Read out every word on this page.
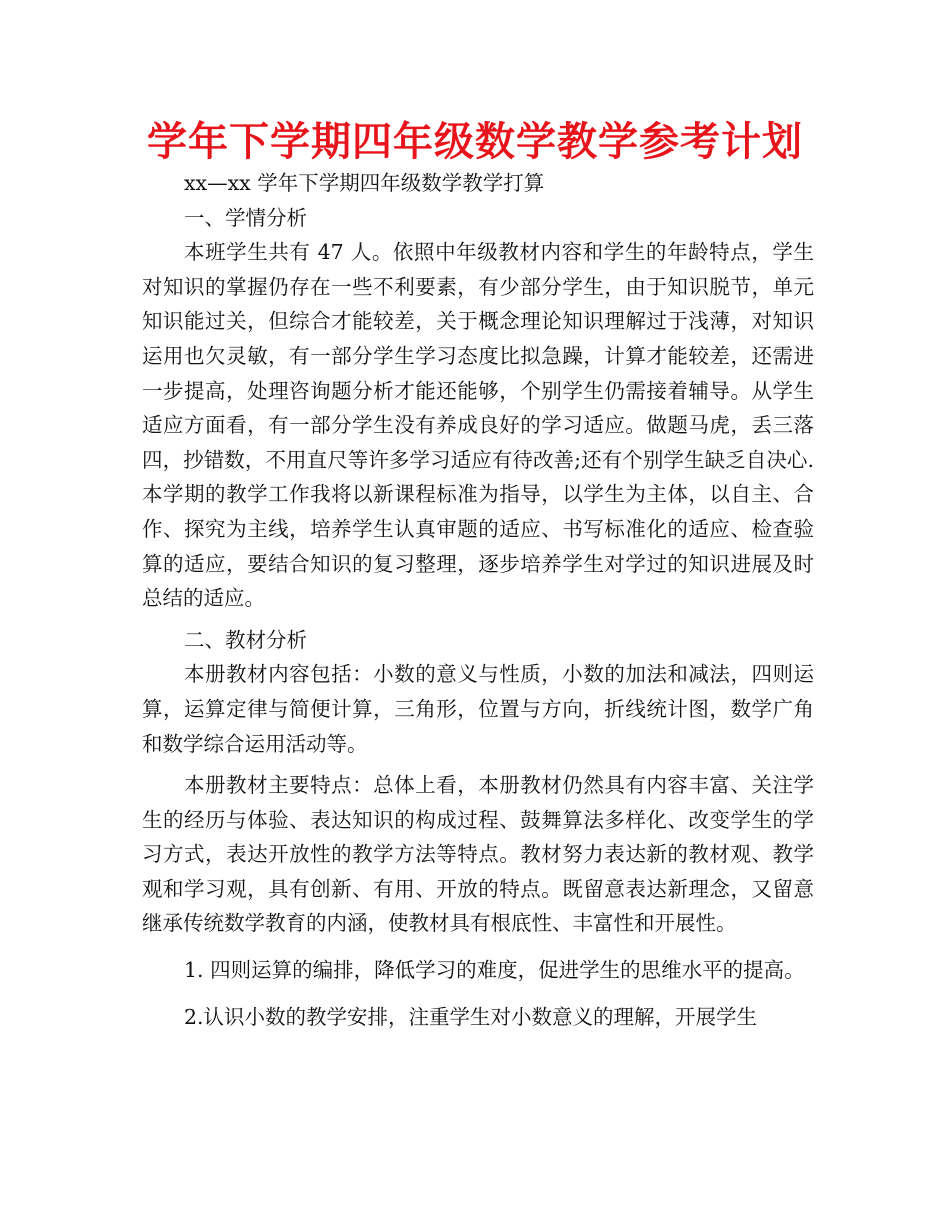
学年下学期四年级数学教学参考计划

xx—xx 学年下学期四年级数学教学打算

一、学情分析

本班学生共有 47 人。依照中年级教材内容和学生的年龄特点，学生对知识的掌握仍存在一些不利要素，有少部分学生，由于知识脱节，单元知识能过关，但综合才能较差，关于概念理论知识理解过于浅薄，对知识运用也欠灵敏，有一部分学生学习态度比拟急躁，计算才能较差，还需进一步提高，处理咨询题分析才能还能够，个别学生仍需接着辅导。从学生适应方面看，有一部分学生没有养成良好的学习适应。做题马虎，丢三落四，抄错数，不用直尺等许多学习适应有待改善;还有个别学生缺乏自决心.本学期的教学工作我将以新课程标准为指导，以学生为主体，以自主、合作、探究为主线，培养学生认真审题的适应、书写标准化的适应、检查验算的适应，要结合知识的复习整理，逐步培养学生对学过的知识进展及时总结的适应。

二、教材分析

本册教材内容包括：小数的意义与性质，小数的加法和减法，四则运算，运算定律与简便计算，三角形，位置与方向，折线统计图，数学广角和数学综合运用活动等。

本册教材主要特点：总体上看，本册教材仍然具有内容丰富、关注学生的经历与体验、表达知识的构成过程、鼓舞算法多样化、改变学生的学习方式，表达开放性的教学方法等特点。教材努力表达新的教材观、教学观和学习观，具有创新、有用、开放的特点。既留意表达新理念，又留意继承传统数学教育的内涵，使教材具有根底性、丰富性和开展性。

1. 四则运算的编排，降低学习的难度，促进学生的思维水平的提高。

2.认识小数的教学安排，注重学生对小数意义的理解，开展学生
